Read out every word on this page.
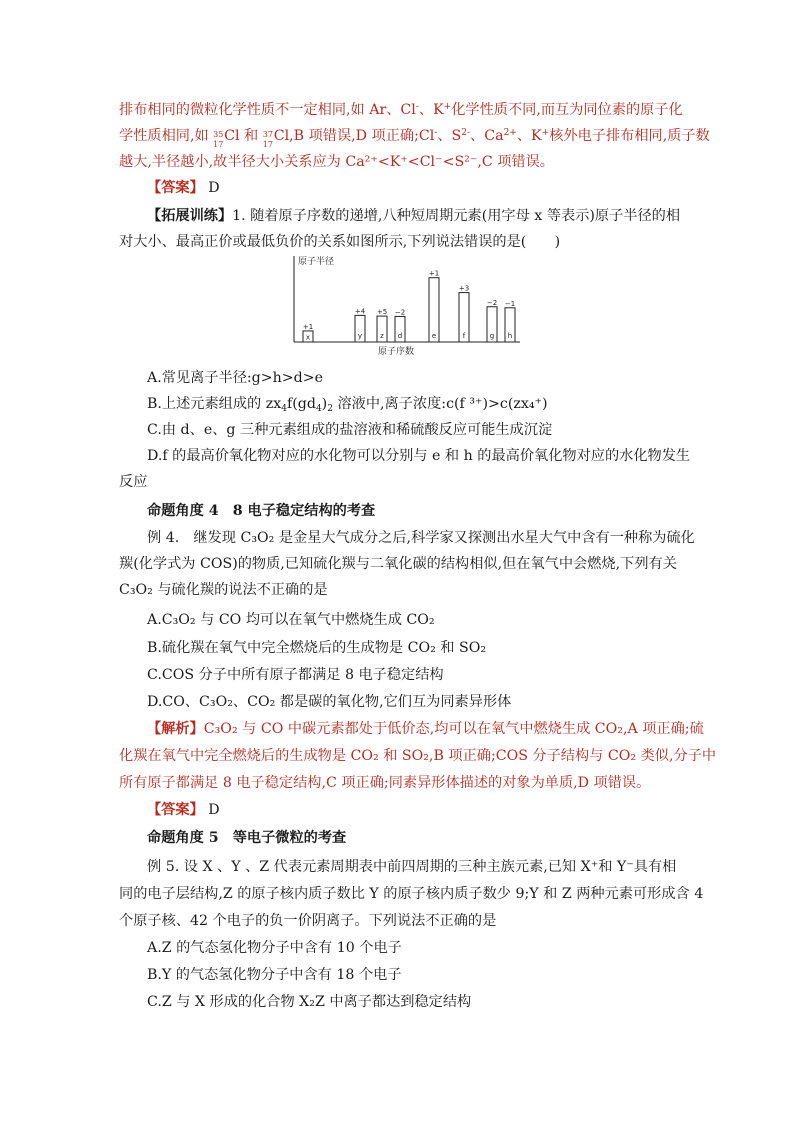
排布相同的微粒化学性质不一定相同,如 Ar、Cl-、K+化学性质不同,而互为同位素的原子化
学性质相同,如 35
17
Cl 和 37
17
Cl,B 项错误,D 项正确;Cl-、$S^{2-}$、$Ca^{2+}$、K+核外电子排布相同,质子数
越大,半径越小,故半径大小关系应为 Ca²⁺<K⁺<Cl⁻<S²⁻,C 项错误。
【答案】 D
【拓展训练】1. 随着原子序数的递增,八种短周期元素(用字母 x 等表示)原子半径的相
对大小、最高正价或最低负价的关系如图所示,下列说法错误的是(　　)
原子半径
原子序数
x
+1
y
+4
z
+5
d
−2
e
+1
f
+3
g
−2
h
−1
A.常见离子半径:g>h>d>e
B.上述元素组成的 $zx_4f(gd_4)_2$ 溶液中,离子浓度:c(f ³⁺)>c(zx₄⁺)
C.由 d、e、g 三种元素组成的盐溶液和稀硫酸反应可能生成沉淀
D.f 的最高价氧化物对应的水化物可以分别与 e 和 h 的最高价氧化物对应的水化物发生
反应
命题角度 4　8 电子稳定结构的考查
例 4.　继发现 C₃O₂ 是金星大气成分之后,科学家又探测出水星大气中含有一种称为硫化
羰(化学式为 COS)的物质,已知硫化羰与二氧化碳的结构相似,但在氧气中会燃烧,下列有关
C₃O₂ 与硫化羰的说法不正确的是
A.C₃O₂ 与 CO 均可以在氧气中燃烧生成 CO₂
B.硫化羰在氧气中完全燃烧后的生成物是 CO₂ 和 SO₂
C.COS 分子中所有原子都满足 8 电子稳定结构
D.CO、C₃O₂、CO₂ 都是碳的氧化物,它们互为同素异形体
【解析】C₃O₂ 与 CO 中碳元素都处于低价态,均可以在氧气中燃烧生成 CO₂,A 项正确;硫
化羰在氧气中完全燃烧后的生成物是 CO₂ 和 SO₂,B 项正确;COS 分子结构与 CO₂ 类似,分子中
所有原子都满足 8 电子稳定结构,C 项正确;同素异形体描述的对象为单质,D 项错误。
【答案】 D
命题角度 5　等电子微粒的考查
例 5. 设 X 、Y 、Z 代表元素周期表中前四周期的三种主族元素,已知 X⁺和 Y⁻具有相
同的电子层结构,Z 的原子核内质子数比 Y 的原子核内质子数少 9;Y 和 Z 两种元素可形成含 4
个原子核、42 个电子的负一价阴离子。下列说法不正确的是
A.Z 的气态氢化物分子中含有 10 个电子
B.Y 的气态氢化物分子中含有 18 个电子
C.Z 与 X 形成的化合物 X₂Z 中离子都达到稳定结构
